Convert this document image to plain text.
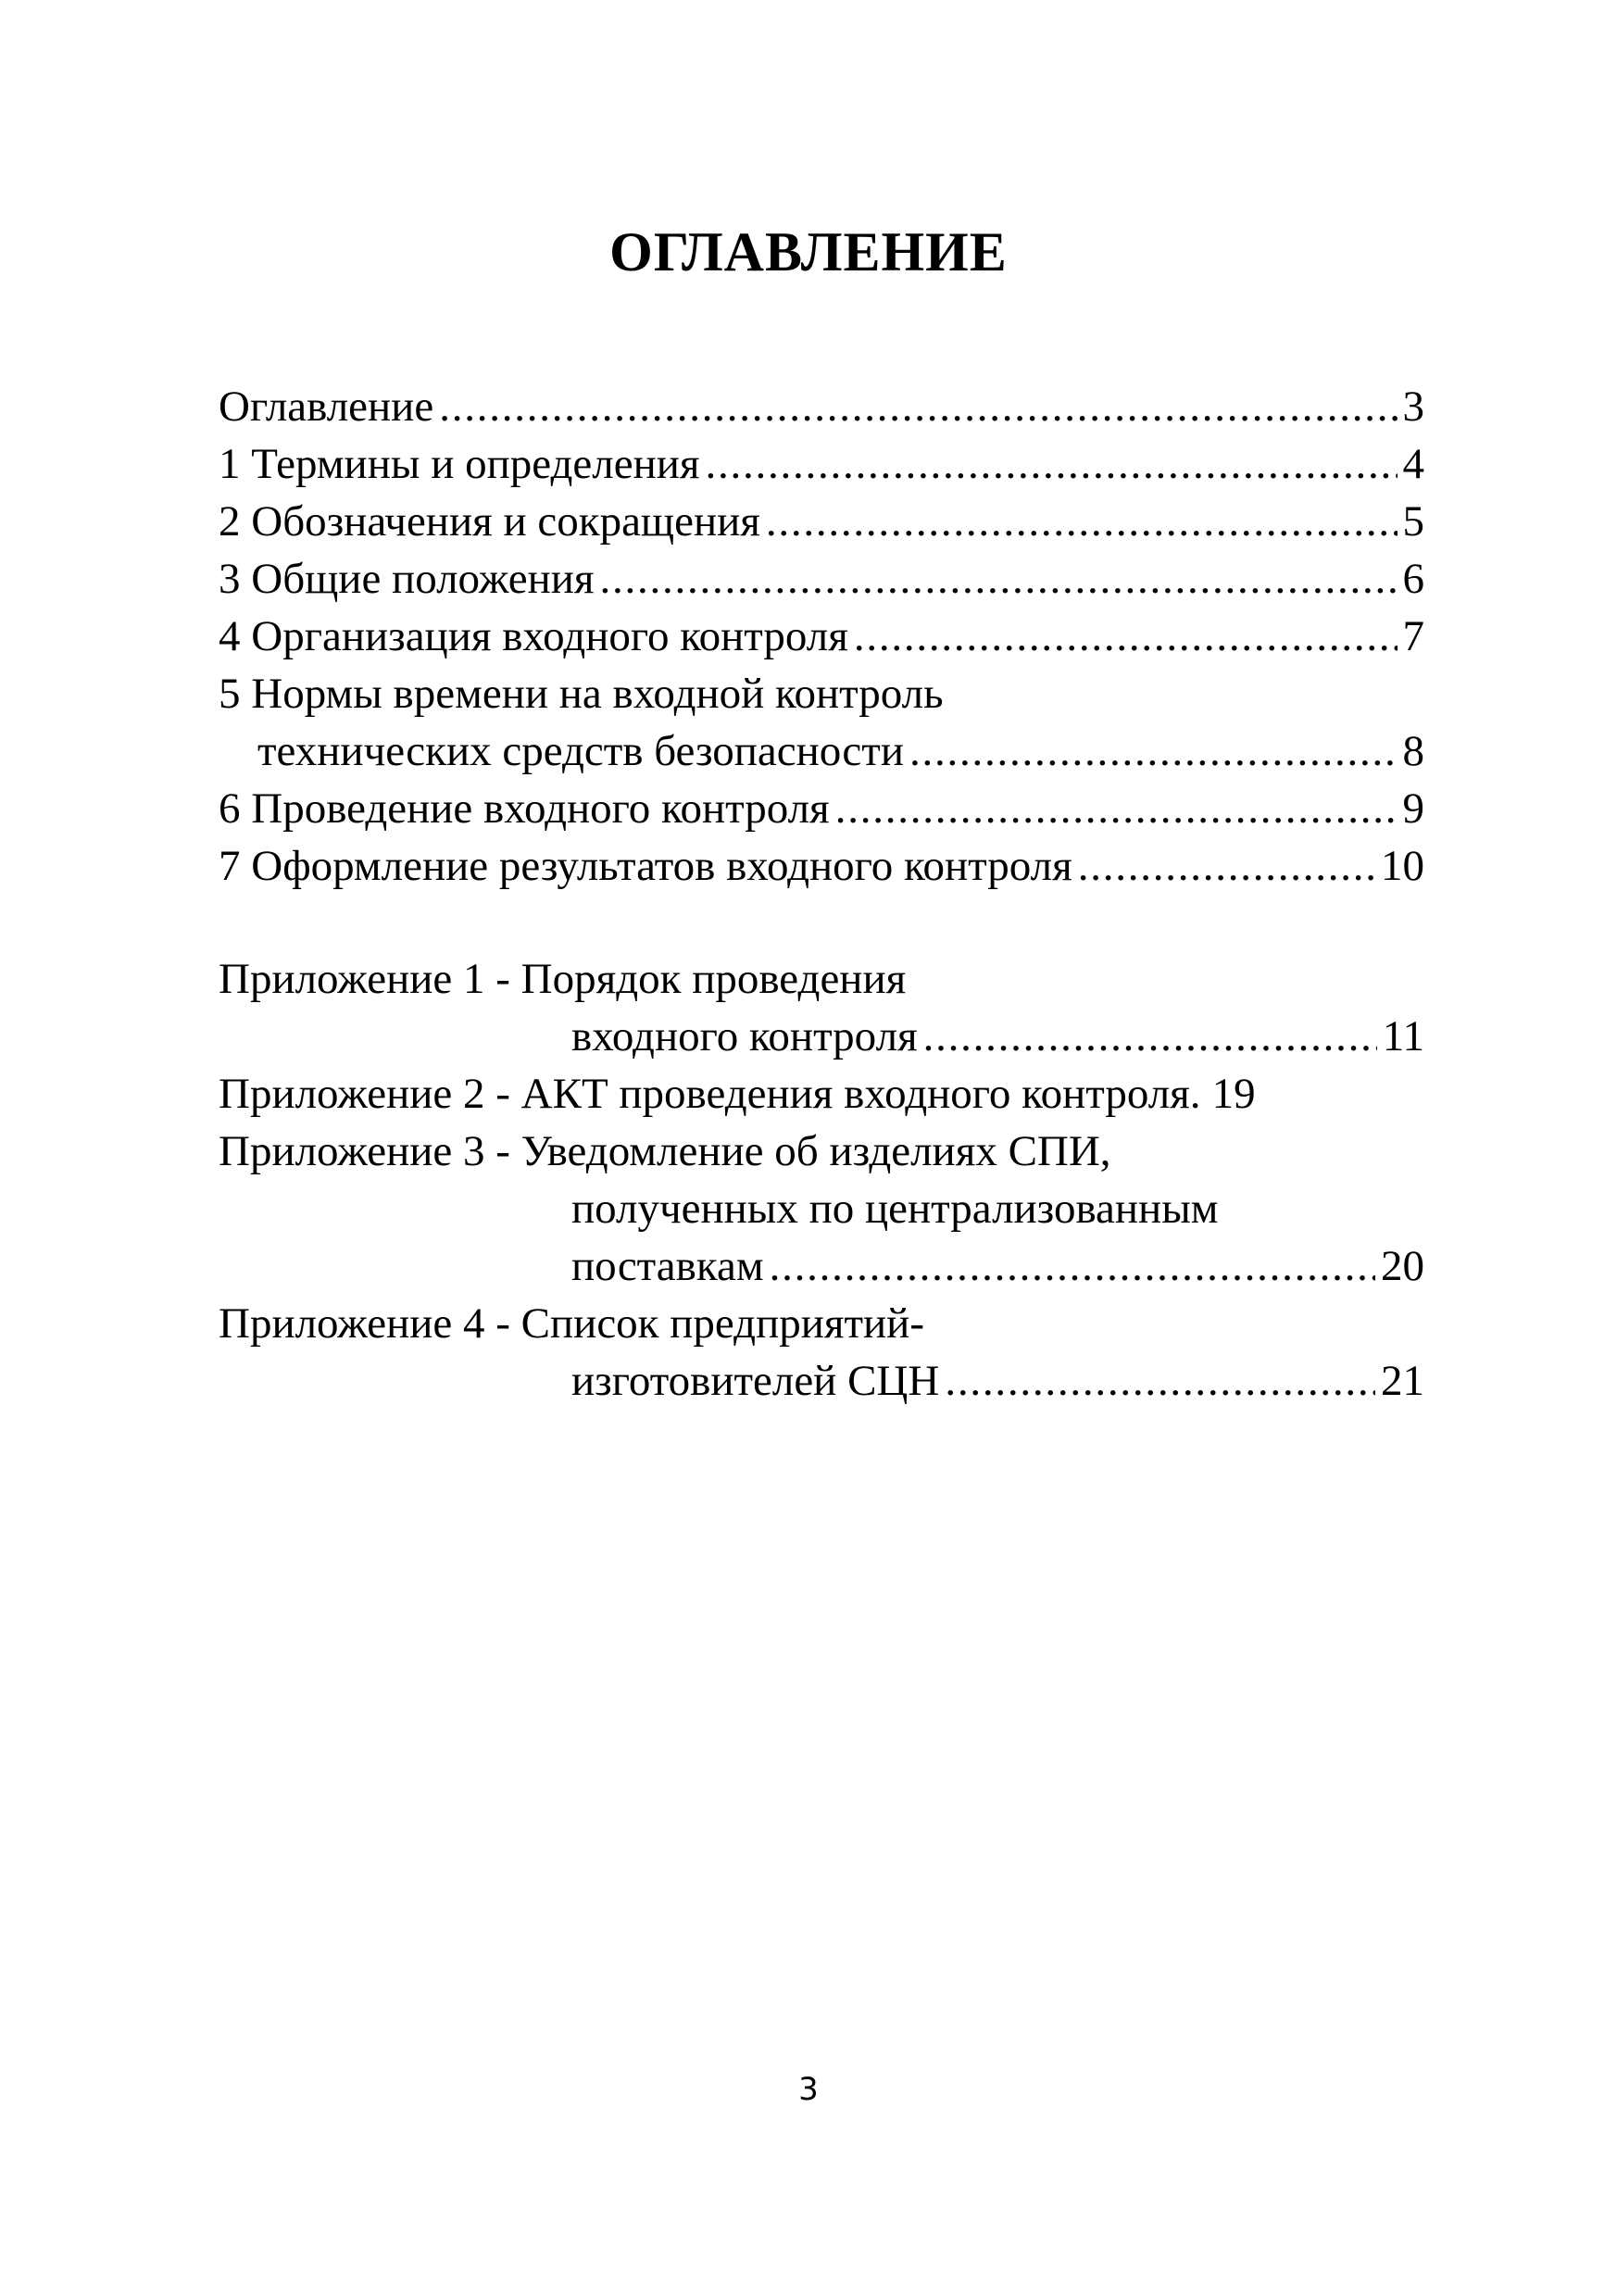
ОГЛАВЛЕНИЕ
Оглавление . . .	3
1 Термины и определения . . .	4
2 Обозначения и сокращения . . .	5
3 Общие положения . . .	6
4 Организация входного контроля . . .	7
5 Нормы времени на входной контроль
технических средств безопасности . . .	8
6 Проведение входного контроля . . .	9
7 Оформление результатов входного контроля . . .	10
Приложение 1 - Порядок проведения
входного контроля . . .	11
Приложение 2 - АКТ проведения входного контроля. 19
Приложение 3 - Уведомление об изделиях СПИ,
полученных по централизованным
поставкам . . .	20
Приложение 4 - Список предприятий-
изготовителей СЦН . . .	21
3
